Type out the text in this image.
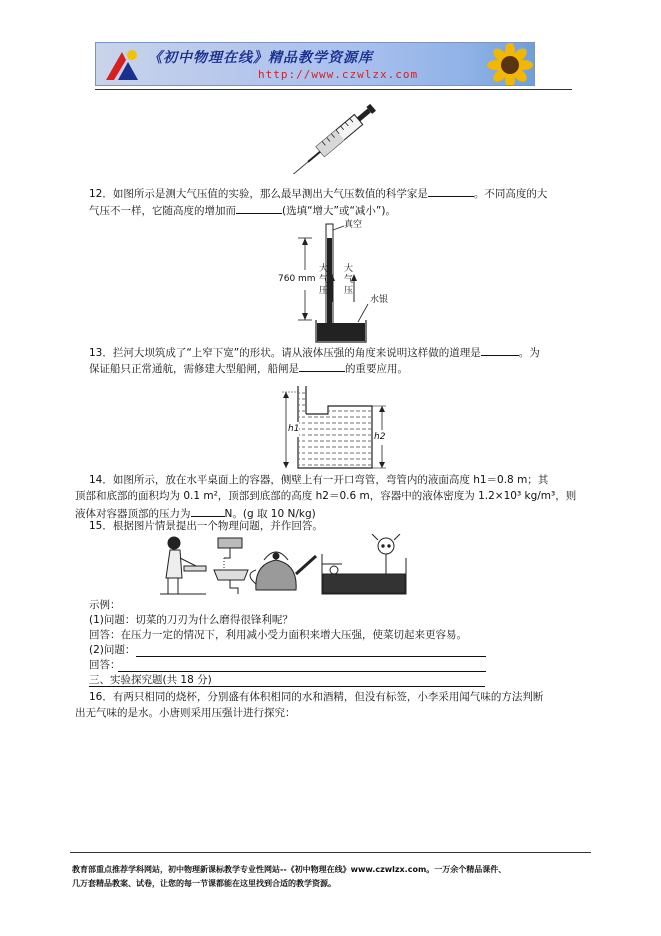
《初中物理在线》精品教学资源库
http://www.czwlzx.com
12．如图所示是测大气压值的实验，那么最早测出大气压数值的科学家是	。不同高度的大
气压不一样，它随高度的增加而	(选填“增大”或“减小”)。
真空
760 mm
大气压
大气压
水银
13．拦河大坝筑成了“上窄下宽”的形状。请从液体压强的角度来说明这样做的道理是	。为
保证船只正常通航，需修建大型船闸，船闸是	的重要应用。
h1
h2
14．如图所示，放在水平桌面上的容器，侧壁上有一开口弯管，弯管内的液面高度 h1＝0.8 m；其
顶部和底部的面积均为 0.1 m²，顶部到底部的高度 h2＝0.6 m，容器中的液体密度为 1.2×10³ kg/m³，则
液体对容器顶部的压力为	N。(g 取 10 N/kg)
15．根据图片情景提出一个物理问题，并作回答。
示例：
(1)问题：切菜的刀刃为什么磨得很锋利呢？
回答：在压力一定的情况下，利用减小受力面积来增大压强，使菜切起来更容易。
(2)问题：
回答：
三、实验探究题(共 18 分)
16．有两只相同的烧杯，分别盛有体积相同的水和酒精，但没有标签，小李采用闻气味的方法判断
出无气味的是水。小唐则采用压强计进行探究：
教育部重点推荐学科网站，初中物理新课标教学专业性网站--《初中物理在线》www.czwlzx.com。一万余个精品课件、
几万套精品教案、试卷，让您的每一节课都能在这里找到合适的教学资源。
